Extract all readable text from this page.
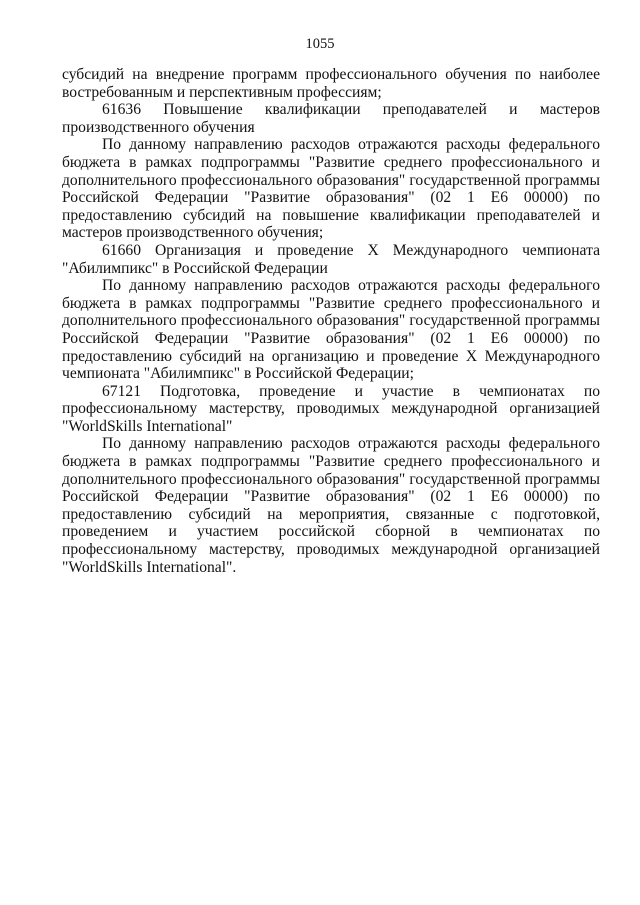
1055

субсидий на внедрение программ профессионального обучения по наиболее востребованным и перспективным профессиям;

61636 Повышение квалификации преподавателей и мастеров производственного обучения

По данному направлению расходов отражаются расходы федерального бюджета в рамках подпрограммы "Развитие среднего профессионального и дополнительного профессионального образования" государственной программы Российской Федерации "Развитие образования" (02 1 Е6 00000) по предоставлению субсидий на повышение квалификации преподавателей и мастеров производственного обучения;

61660 Организация и проведение X Международного чемпионата "Абилимпикс" в Российской Федерации

По данному направлению расходов отражаются расходы федерального бюджета в рамках подпрограммы "Развитие среднего профессионального и дополнительного профессионального образования" государственной программы Российской Федерации "Развитие образования" (02 1 Е6 00000) по предоставлению субсидий на организацию и проведение X Международного чемпионата "Абилимпикс" в Российской Федерации;

67121 Подготовка, проведение и участие в чемпионатах по профессиональному мастерству, проводимых международной организацией "WorldSkills International"

По данному направлению расходов отражаются расходы федерального бюджета в рамках подпрограммы "Развитие среднего профессионального и дополнительного профессионального образования" государственной программы Российской Федерации "Развитие образования" (02 1 Е6 00000) по предоставлению субсидий на мероприятия, связанные с подготовкой, проведением и участием российской сборной в чемпионатах по профессиональному мастерству, проводимых международной организацией "WorldSkills International".
